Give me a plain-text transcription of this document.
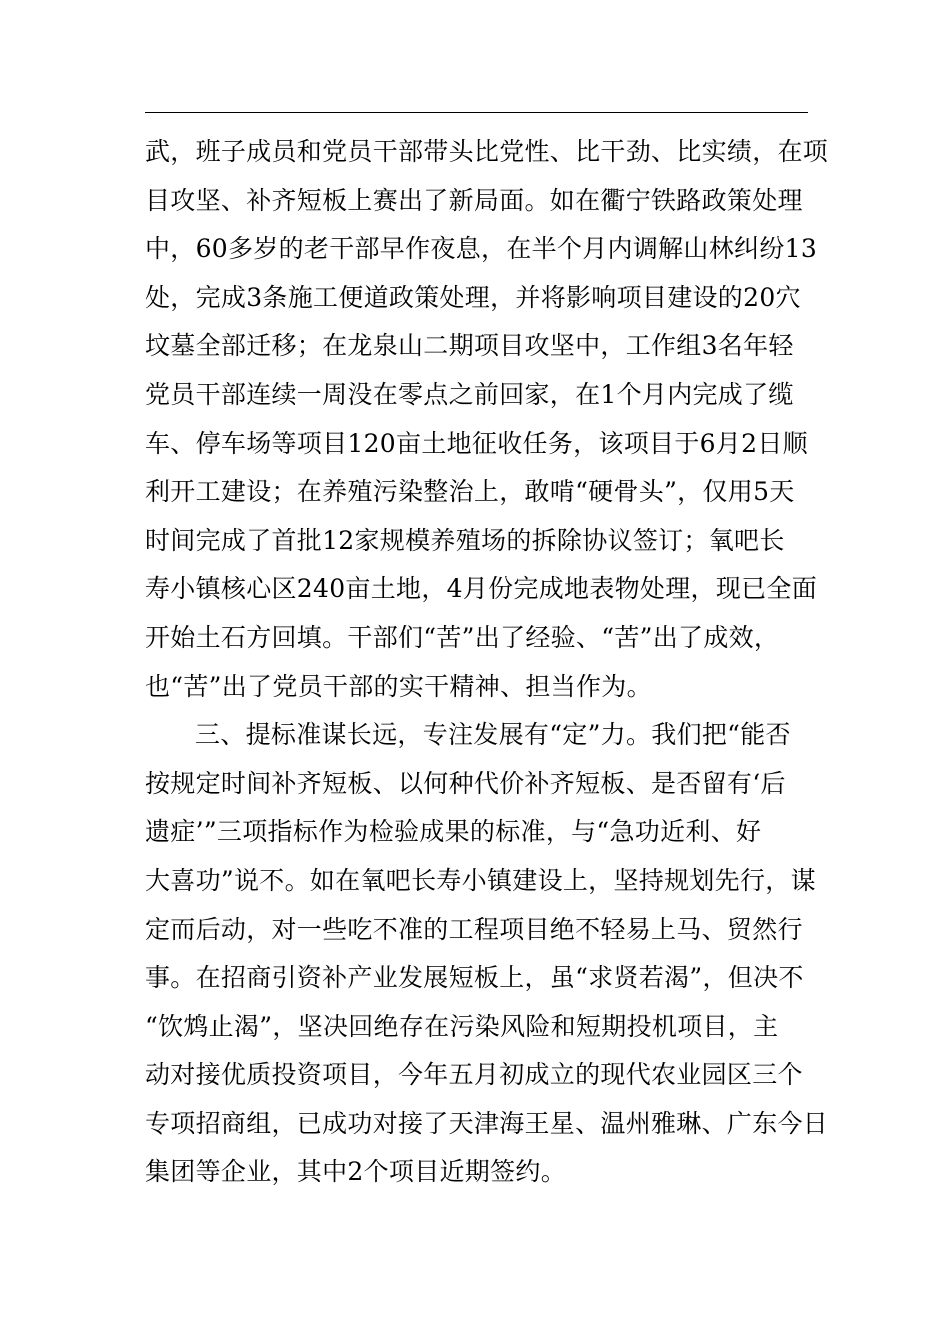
武，班子成员和党员干部带头比党性、比干劲、比实绩，在项
目攻坚、补齐短板上赛出了新局面。如在衢宁铁路政策处理
中，60多岁的老干部早作夜息，在半个月内调解山林纠纷13
处，完成3条施工便道政策处理，并将影响项目建设的20穴
坟墓全部迁移；在龙泉山二期项目攻坚中，工作组3名年轻
党员干部连续一周没在零点之前回家，在1个月内完成了缆
车、停车场等项目120亩土地征收任务，该项目于6月2日顺
利开工建设；在养殖污染整治上，敢啃“硬骨头”，仅用5天
时间完成了首批12家规模养殖场的拆除协议签订；氧吧长
寿小镇核心区240亩土地，4月份完成地表物处理，现已全面
开始土石方回填。干部们“苦”出了经验、“苦”出了成效，
也“苦”出了党员干部的实干精神、担当作为。
三、提标准谋长远，专注发展有“定”力。我们把“能否
按规定时间补齐短板、以何种代价补齐短板、是否留有‘后
遗症’”三项指标作为检验成果的标准，与“急功近利、好
大喜功”说不。如在氧吧长寿小镇建设上，坚持规划先行，谋
定而后动，对一些吃不准的工程项目绝不轻易上马、贸然行
事。在招商引资补产业发展短板上，虽“求贤若渴”，但决不
“饮鸩止渴”，坚决回绝存在污染风险和短期投机项目，主
动对接优质投资项目，今年五月初成立的现代农业园区三个
专项招商组，已成功对接了天津海王星、温州雅琳、广东今日
集团等企业，其中2个项目近期签约。
